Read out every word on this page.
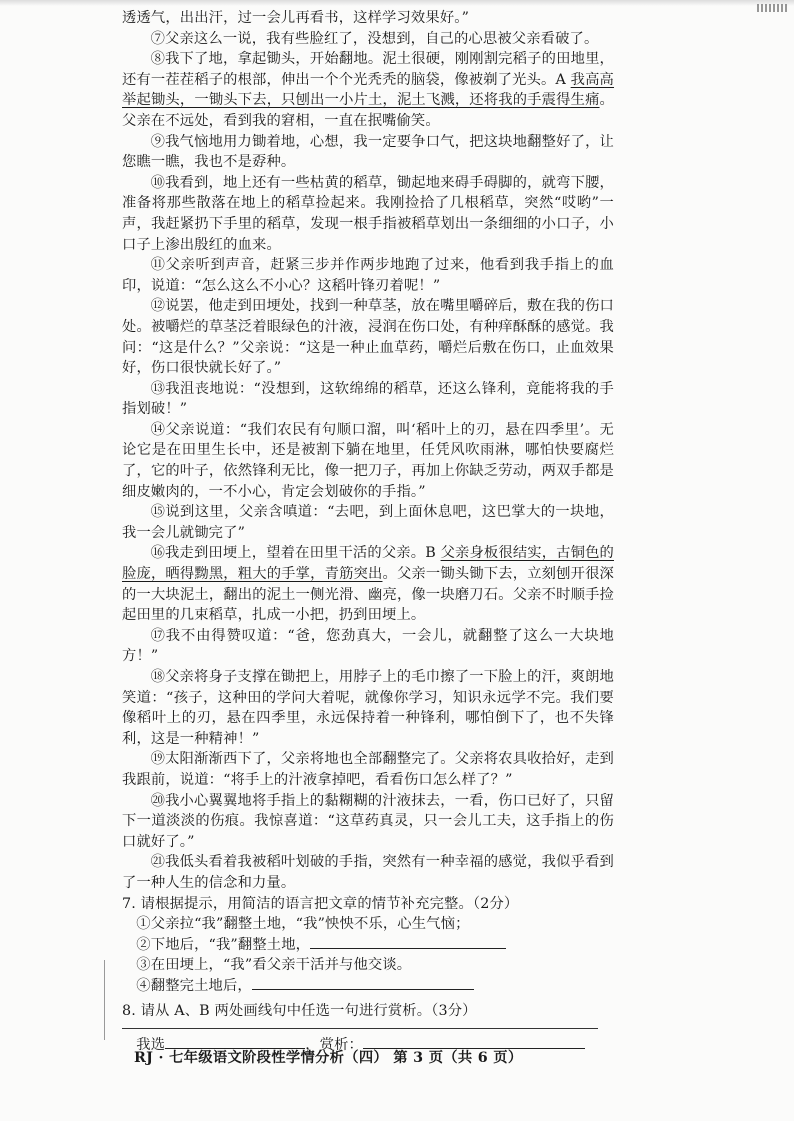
透透气，出出汗，过一会儿再看书，这样学习效果好。”

⑦父亲这么一说，我有些脸红了，没想到，自己的心思被父亲看破了。

⑧我下了地，拿起锄头，开始翻地。泥土很硬，刚刚割完稻子的田地里，还有一茬茬稻子的根部，伸出一个个光秃秃的脑袋，像被剃了光头。A 我高高举起锄头，一锄头下去，只刨出一小片土，泥土飞溅，还将我的手震得生痛。父亲在不远处，看到我的窘相，一直在抿嘴偷笑。

⑨我气恼地用力锄着地，心想，我一定要争口气，把这块地翻整好了，让您瞧一瞧，我也不是孬种。

⑩我看到，地上还有一些枯黄的稻草，锄起地来碍手碍脚的，就弯下腰，准备将那些散落在地上的稻草捡起来。我刚捡拾了几根稻草，突然“哎哟”一声，我赶紧扔下手里的稻草，发现一根手指被稻草划出一条细细的小口子，小口子上渗出殷红的血来。

⑪父亲听到声音，赶紧三步并作两步地跑了过来，他看到我手指上的血印，说道：“怎么这么不小心？这稻叶锋刃着呢！”

⑫说罢，他走到田埂处，找到一种草茎，放在嘴里嚼碎后，敷在我的伤口处。被嚼烂的草茎泛着眼绿色的汁液，浸润在伤口处，有种痒酥酥的感觉。我问：“这是什么？”父亲说：“这是一种止血草药，嚼烂后敷在伤口，止血效果好，伤口很快就长好了。”

⑬我沮丧地说：“没想到，这软绵绵的稻草，还这么锋利，竟能将我的手指划破！”

⑭父亲说道：“我们农民有句顺口溜，叫‘稻叶上的刃，悬在四季里’。无论它是在田里生长中，还是被割下躺在地里，任凭风吹雨淋，哪怕快要腐烂了，它的叶子，依然锋利无比，像一把刀子，再加上你缺乏劳动，两双手都是细皮嫩肉的，一不小心，肯定会划破你的手指。”

⑮说到这里，父亲含嗔道：“去吧，到上面休息吧，这巴掌大的一块地，我一会儿就锄完了”

⑯我走到田埂上，望着在田里干活的父亲。B 父亲身板很结实，古铜色的脸庞，晒得黝黑，粗大的手掌，青筋突出。父亲一锄头锄下去，立刻刨开很深的一大块泥土，翻出的泥土一侧光滑、幽亮，像一块磨刀石。父亲不时顺手捡起田里的几束稻草，扎成一小把，扔到田埂上。

⑰我不由得赞叹道：“爸，您劲真大，一会儿，就翻整了这么一大块地方！”

⑱父亲将身子支撑在锄把上，用脖子上的毛巾擦了一下脸上的汗，爽朗地笑道：“孩子，这种田的学问大着呢，就像你学习，知识永远学不完。我们要像稻叶上的刃，悬在四季里，永远保持着一种锋利，哪怕倒下了，也不失锋利，这是一种精神！”

⑲太阳渐渐西下了，父亲将地也全部翻整完了。父亲将农具收拾好，走到我跟前，说道：“将手上的汁液拿掉吧，看看伤口怎么样了？”

⑳我小心翼翼地将手指上的黏糊糊的汁液抹去，一看，伤口已好了，只留下一道淡淡的伤痕。我惊喜道：“这草药真灵，只一会儿工夫，这手指上的伤口就好了。”

㉑我低头看着我被稻叶划破的手指，突然有一种幸福的感觉，我似乎看到了一种人生的信念和力量。

7. 请根据提示，用简洁的语言把文章的情节补充完整。（2分）
①父亲拉“我”翻整土地，“我”怏怏不乐，心生气恼；
②下地后，“我”翻整土地，
③在田埂上，“我”看父亲干活并与他交谈。
④翻整完土地后，
8. 请从 A、B 两处画线句中任选一句进行赏析。（3分）
我选	，赏析：
RJ · 七年级语文阶段性学情分析（四） 第 3 页（共 6 页）
